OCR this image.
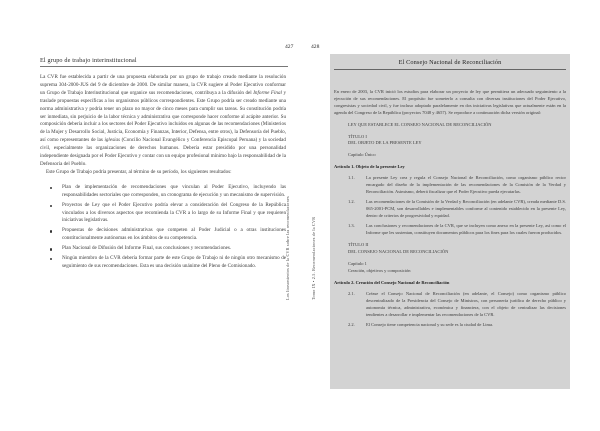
427	428
El grupo de trabajo interinstitucional

La CVR fue establecida a partir de una propuesta elaborada por un grupo de trabajo creado mediante la resolución suprema 304-2000-JUS del 9 de diciembre de 2000. De similar manera, la CVR sugiere al Poder Ejecutivo conformar un Grupo de Trabajo Interinstitucional que organice sus recomendaciones, contribuya a la difusión del Informe Final y traslade propuestas específicas a los organismos públicos correspondientes. Este Grupo podría ser creado mediante una norma administrativa y podría tener un plazo no mayor de cinco meses para cumplir sus tareas. Su constitución podría ser inmediata, sin perjuicio de la labor técnica y administrativa que corresponde hacer conforme al acápite anterior. Su composición debería incluir a los sectores del Poder Ejecutivo incluidos en algunas de las recomendaciones (Ministerios de la Mujer y Desarrollo Social, Justicia, Economía y Finanzas, Interior, Defensa, entre otros), la Defensoría del Pueblo, así como representantes de las iglesias (Concilio Nacional Evangélico y Conferencia Episcopal Peruana) y la sociedad civil, especialmente las organizaciones de derechos humanos. Debería estar presidido por una personalidad independiente designada por el Poder Ejecutivo y contar con un equipo profesional mínimo bajo la responsabilidad de la Defensoría del Pueblo.

Este Grupo de Trabajo podría presentar, al término de su período, los siguientes resultados:

Plan de implementación de recomendaciones que vinculan al Poder Ejecutivo, incluyendo las responsabilidades sectoriales que corresponden, un cronograma de ejecución y un mecanismo de supervisión.
Proyectos de Ley que el Poder Ejecutivo podría elevar a consideración del Congreso de la República vinculados a los diversos aspectos que recomienda la CVR a lo largo de su Informe Final y que requieren iniciativas legislativas.
Propuestas de decisiones administrativas que competen al Poder Judicial o a otras instituciones constitucionalmente autónomas en los ámbitos de su competencia.
Plan Nacional de Difusión del Informe Final, sus conclusiones y recomendaciones.
Ningún miembro de la CVR debería formar parte de este Grupo de Trabajo ni de ningún otro mecanismo de seguimiento de sus recomendaciones. Esta es una decisión unánime del Pleno de Comisionado.	Los lineamientos de la CVR sobre las recomendaciones	Tomo IX • 2.5. Recomendaciones de la CVR
El Consejo Nacional de Reconciliación

En enero de 2003, la CVR inició los estudios para elaborar un proyecto de ley que permitiera un adecuado seguimiento a la ejecución de sus recomendaciones. El propósito fue someterlo a consulta con diversas instituciones del Poder Ejecutivo, congresistas y sociedad civil, y fue incluso adoptado paralelamente en dos iniciativas legislativas que actualmente están en la agenda del Congreso de la República (proyectos 7048 y 4657). Se reproduce a continuación dicha versión original:

LEY QUE ESTABLECE EL CONSEJO NACIONAL DE RECONCILIACIÓN
TÍTULO I
DEL OBJETO DE LA PRESENTE LEY
Capítulo Único
Artículo 1. Objeto de la presente Ley
1.1.	La presente Ley crea y regula el Consejo Nacional de Reconciliación, como organismo público rector encargado del diseño de la implementación de las recomendaciones de la Comisión de la Verdad y Reconciliación. Asimismo, deberá fiscalizar que el Poder Ejecutivo pueda ejecutarlas.
1.2.	Las recomendaciones de la Comisión de la Verdad y Reconciliación (en adelante CVR), creada mediante D.S. 065-2001-PCM, son desarrollables e implementables conforme al contenido establecido en la presente Ley, dentro de criterios de progresividad y equidad.
1.3.	Las conclusiones y recomendaciones de la CVR, que se incluyen como anexo en la presente Ley, así como el Informe que les sustentan, constituyen documentos públicos para los fines para los cuales fueron producidos.
TÍTULO II
DEL CONSEJO NACIONAL DE RECONCILIACIÓN
Capítulo 1
Creación, objetivos y composición
Artículo 2. Creación del Consejo Nacional de Reconciliación
2.1.	Créase el Consejo Nacional de Reconciliación (en adelante, el Consejo) como organismo público descentralizado de la Presidencia del Consejo de Ministros, con personería jurídica de derecho público y autonomía técnica, administrativa, económica y financiera, con el objeto de centralizar las decisiones tendientes a desarrollar e implementar las recomendaciones de la CVR.
2.2.	El Consejo tiene competencia nacional y su sede es la ciudad de Lima.
